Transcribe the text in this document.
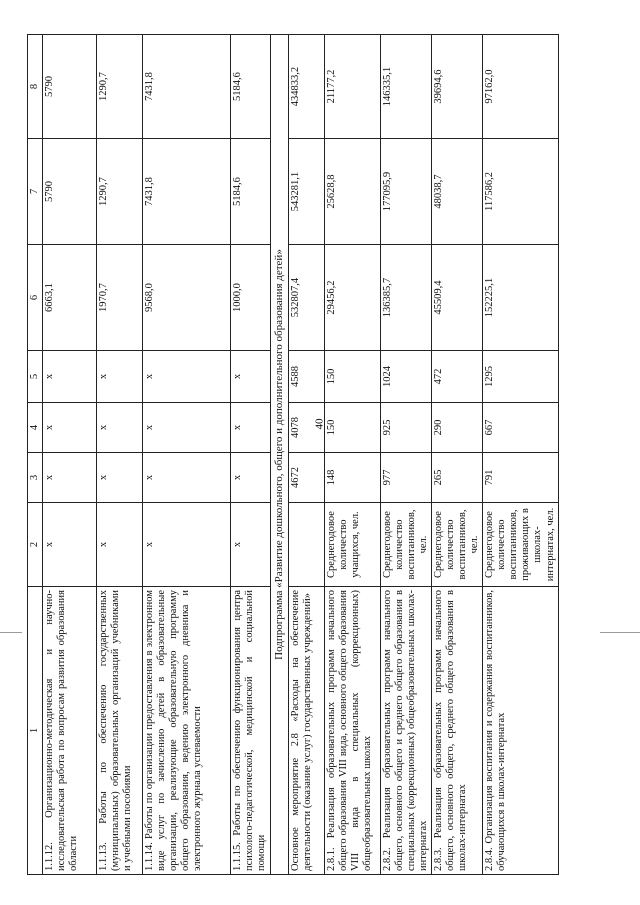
40
1	2	3	4	5	6	7	8
1.1.12. Организационно-методическая и научно-исследовательская работа по вопросам развития образования области	х	х	х	х	6663,1	5790	5790
1.1.13. Работы по обеспечению государственных (муниципальных) образовательных организаций учебниками и учебными пособиями	х	х	х	х	1970,7	1290,7	1290,7
1.1.14. Работы по организации предоставления в электронном виде услуг по зачислению детей в образовательные организации, реализующие образовательную программу общего образования, ведению электронного дневника и электронного журнала успеваемости	х	х	х	х	9568,0	7431,8	7431,8
1.1.15. Работы по обеспечению функционирования центра психолого-педагогической, медицинской и социальной помощи	х	х	х	х	1000,0	5184,6	5184,6
Подпрограмма «Развитие дошкольного, общего и дополнительного образования детей»							
Основное мероприятие 2.8 «Расходы на обеспечение деятельности (оказание услуг) государственных учреждений»		4672	4078	4588	532807,4	543281,1	434833,2
2.8.1. Реализация образовательных программ начального общего образования VIII вида, основного общего образования VIII вида в специальных (коррекционных) общеобразовательных школах	Среднегодовое количество учащихся, чел.	148	150	150	29456,2	25628,8	21177,2
2.8.2. Реализация образовательных программ начального общего, основного общего и среднего общего образования в специальных (коррекционных) общеобразовательных школах-интернатах	Среднегодовое количество воспитанников, чел.	977	925	1024	136385,7	177095,9	146335,1
2.8.3. Реализация образовательных программ начального общего, основного общего, среднего общего образования в школах-интернатах	Среднегодовое количество воспитанников, чел.	265	290	472	45509,4	48038,7	39694,6
2.8.4. Организация воспитания и содержания воспитанников, обучающихся в школах-интернатах	Среднегодовое количество воспитанников, проживающих в школах-интернатах, чел.	791	667	1295	152225,1	117586,2	97162,0
